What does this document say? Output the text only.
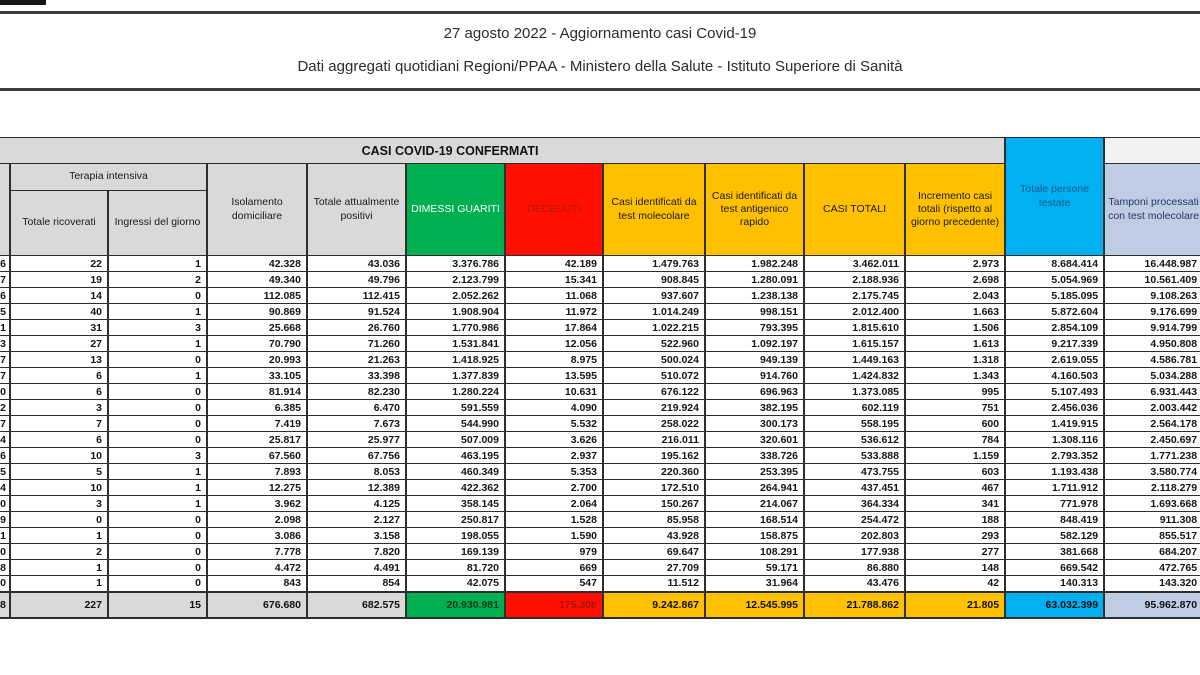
27 agosto 2022 - Aggiornamento casi Covid-19
Dati aggregati quotidiani Regioni/PPAA - Ministero della Salute - Istituto Superiore di Sanità
CASI COVID-19 CONFERMATI											Totale persone testate	
	Terapia intensiva		Isolamento domiciliare	Totale attualmente positivi	DIMESSI GUARITI	DECEDUTI	Casi identificati da test molecolare	Casi identificati da test antigenico rapido	CASI TOTALI	Incremento casi totali (rispetto al giorno precedente)		Tamponi processati con test molecolare
	Totale ricoverati	Ingressi del giorno										
6	22	1	42.328	43.036	3.376.786	42.189	1.479.763	1.982.248	3.462.011	2.973	8.684.414	16.448.987
7	19	2	49.340	49.796	2.123.799	15.341	908.845	1.280.091	2.188.936	2.698	5.054.969	10.561.409
6	14	0	112.085	112.415	2.052.262	11.068	937.607	1.238.138	2.175.745	2.043	5.185.095	9.108.263
5	40	1	90.869	91.524	1.908.904	11.972	1.014.249	998.151	2.012.400	1.663	5.872.604	9.176.699
1	31	3	25.668	26.760	1.770.986	17.864	1.022.215	793.395	1.815.610	1.506	2.854.109	9.914.799
3	27	1	70.790	71.260	1.531.841	12.056	522.960	1.092.197	1.615.157	1.613	9.217.339	4.950.808
7	13	0	20.993	21.263	1.418.925	8.975	500.024	949.139	1.449.163	1.318	2.619.055	4.586.781
7	6	1	33.105	33.398	1.377.839	13.595	510.072	914.760	1.424.832	1.343	4.160.503	5.034.288
0	6	0	81.914	82.230	1.280.224	10.631	676.122	696.963	1.373.085	995	5.107.493	6.931.443
2	3	0	6.385	6.470	591.559	4.090	219.924	382.195	602.119	751	2.456.036	2.003.442
7	7	0	7.419	7.673	544.990	5.532	258.022	300.173	558.195	600	1.419.915	2.564.178
4	6	0	25.817	25.977	507.009	3.626	216.011	320.601	536.612	784	1.308.116	2.450.697
6	10	3	67.560	67.756	463.195	2.937	195.162	338.726	533.888	1.159	2.793.352	1.771.238
5	5	1	7.893	8.053	460.349	5.353	220.360	253.395	473.755	603	1.193.438	3.580.774
4	10	1	12.275	12.389	422.362	2.700	172.510	264.941	437.451	467	1.711.912	2.118.279
0	3	1	3.962	4.125	358.145	2.064	150.267	214.067	364.334	341	771.978	1.693.668
9	0	0	2.098	2.127	250.817	1.528	85.958	168.514	254.472	188	848.419	911.308
1	1	0	3.086	3.158	198.055	1.590	43.928	158.875	202.803	293	582.129	855.517
0	2	0	7.778	7.820	169.139	979	69.647	108.291	177.938	277	381.668	684.207
8	1	0	4.472	4.491	81.720	669	27.709	59.171	86.880	148	669.542	472.765
0	1	0	843	854	42.075	547	11.512	31.964	43.476	42	140.313	143.320
8	227	15	676.680	682.575	20.930.981	175.306	9.242.867	12.545.995	21.788.862	21.805	63.032.399	95.962.870
